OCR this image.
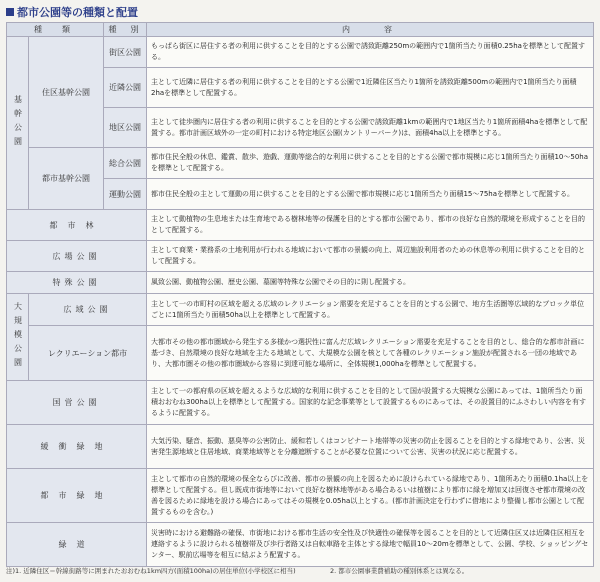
都市公園等の種類と配置
種　類		種　別	内　　容

基幹公園	住区基幹公園	街区公園	もっぱら街区に居住する者の利用に供することを目的とする公園で誘致距離250mの範囲内で1箇所当たり面積0.25haを標準として配置する。
		近隣公園	主として近隣に居住する者の利用に供することを目的とする公園で1近隣住区当たり1箇所を誘致距離500mの範囲内で1箇所当たり面積2haを標準として配置する。
		地区公園	主として徒歩圏内に居住する者の利用に供することを目的とする公園で誘致距離1kmの範囲内で1地区当たり1箇所面積4haを標準として配置する。都市計画区域外の一定の町村における特定地区公園(カントリーパーク)は、面積4ha以上を標準とする。
	都市基幹公園	総合公園	都市住民全般の休息、鑑賞、散歩、遊戯、運動等総合的な利用に供することを目的とする公園で都市規模に応じ1箇所当たり面積10〜50haを標準として配置する。
		運動公園	都市住民全般の主として運動の用に供することを目的とする公園で都市規模に応じ1箇所当たり面積15〜75haを標準として配置する。
都市林			主として動植物の生息地または生育地である樹林地等の保護を目的とする都市公園であり、都市の良好な自然的環境を形成することを目的として配置する。
広場公園			主として商業・業務系の土地利用が行われる地域において都市の景観の向上、周辺施設利用者のための休息等の利用に供することを目的として配置する。
特殊公園			風致公園、動植物公園、歴史公園、墓園等特殊な公園でその目的に則し配置する。

大規模公園	広域公園		主として一の市町村の区域を超える広域のレクリエーション需要を充足することを目的とする公園で、地方生活圏等広域的なブロック単位ごとに1箇所当たり面積50ha以上を標準として配置する。
	レクリエーション都市		大都市その他の都市圏域から発生する多様かつ選択性に富んだ広域レクリエーション需要を充足することを目的とし、総合的な都市計画に基づき、自然環境の良好な地域を主たる地域として、大規模な公園を核として各種のレクリエーション施設が配置される一団の地域であり、大都市圏その他の都市圏域から容易に到達可能な場所に、全体規模1,000haを標準として配置する。
国営公園			主として一の都府県の区域を超えるような広域的な利用に供することを目的として国が設置する大規模な公園にあっては、1箇所当たり面積おおむね300ha以上を標準として配置する。国家的な記念事業等として設置するものにあっては、その設置目的にふさわしい内容を有するように配置する。
緩衝緑地			大気汚染、騒音、振動、悪臭等の公害防止、緩和若しくはコンビナート地帯等の災害の防止を図ることを目的とする緑地であり、公害、災害発生源地域と住居地域、商業地域等とを分離遮断することが必要な位置について公害、災害の状況に応じ配置する。
都市緑地			主として都市の自然的環境の保全ならびに改善、都市の景観の向上を図るために設けられている緑地であり、1箇所あたり面積0.1ha以上を標準として配置する。但し既成市街地等において良好な樹林地等がある場合あるいは植樹により都市に緑を増加又は回復させ都市環境の改善を図るために緑地を設ける場合にあってはその規模を0.05ha以上とする。(都市計画決定を行わずに借地により整備し都市公園として配置するものを含む。)
緑道			災害時における避難路の確保、市街地における都市生活の安全性及び快適性の確保等を図ることを目的として近隣住区又は近隣住区相互を連絡するように設けられる植樹帯及び歩行者路又は自転車路を主体とする緑地で幅員10〜20mを標準として、公園、学校、ショッピングセンター、駅前広場等を相互に結ぶよう配置する。
注)1. 近隣住区＝幹線街路等に囲まれたおおむね1km四方(面積100ha)の居住単位(小学校区に相当)	2. 都市公園事業費補助の種別体系とは異なる。
